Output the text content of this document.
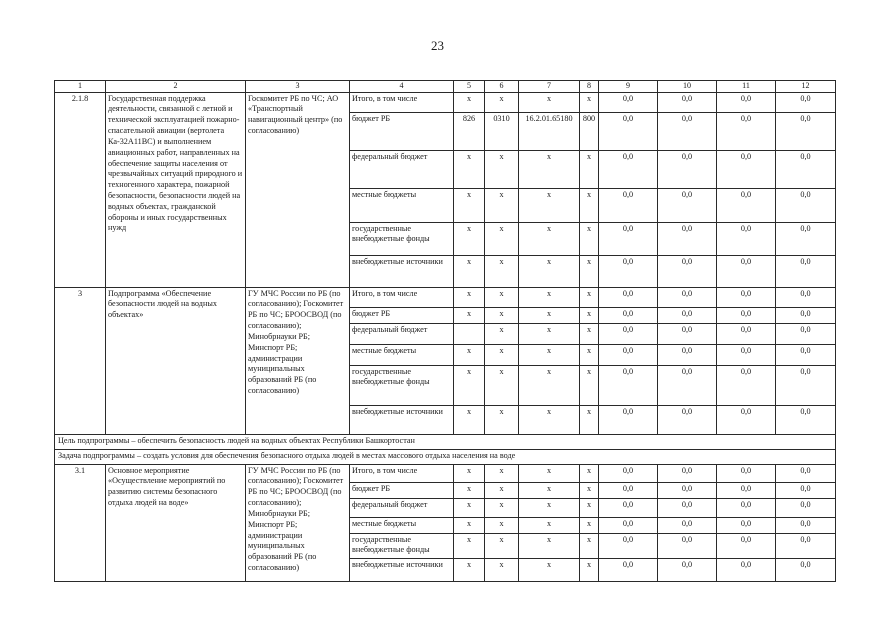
23
1	2	3	4	5	6	7	8	9	10	11	12
2.1.8	Государственная поддержка деятельности, связанной с летной и технической эксплуатацией пожарно-спасательной авиации (вертолета Ка-32А11ВС) и выполнением авиационных работ, направленных на обеспечение защиты населения от чрезвычайных ситуаций природного и техногенного характера, пожарной безопасности, безопасности людей на водных объектах, гражданской обороны и иных государственных нужд	Госкомитет РБ по ЧС; АО «Транспортный навигационный центр» (по согласованию)	Итого, в том числе	x	x	x	x	0,0	0,0	0,0	0,0
			бюджет РБ	826	0310	16.2.01.65180	800	0,0	0,0	0,0	0,0
			федеральный бюджет	x	x	x	x	0,0	0,0	0,0	0,0
			местные бюджеты	x	x	x	x	0,0	0,0	0,0	0,0
			государственные внебюджетные фонды	x	x	x	x	0,0	0,0	0,0	0,0
			внебюджетные источники	x	x	x	x	0,0	0,0	0,0	0,0
3	Подпрограмма «Обеспечение безопасности людей на водных объектах»	ГУ МЧС России по РБ (по согласованию); Госкомитет РБ по ЧС; БРООСВОД (по согласованию); Минобрнауки РБ; Минспорт РБ; администрации муниципальных образований РБ (по согласованию)	Итого, в том числе	x	x	x	x	0,0	0,0	0,0	0,0
			бюджет РБ	x	x	x	x	0,0	0,0	0,0	0,0
			федеральный бюджет		x	x	x	0,0	0,0	0,0	0,0
			местные бюджеты	x	x	x	x	0,0	0,0	0,0	0,0
			государственные внебюджетные фонды	x	x	x	x	0,0	0,0	0,0	0,0
			внебюджетные источники	x	x	x	x	0,0	0,0	0,0	0,0
Цель подпрограммы – обеспечить безопасность людей на водных объектах Республики Башкортостан											
Задача подпрограммы – создать условия для обеспечения безопасного отдыха людей в местах массового отдыха населения на воде											
3.1	Основное мероприятие «Осуществление мероприятий по развитию системы безопасного отдыха людей на воде»	ГУ МЧС России по РБ (по согласованию); Госкомитет РБ по ЧС; БРООСВОД (по согласованию); Минобрнауки РБ; Минспорт РБ; администрации муниципальных образований РБ (по согласованию)	Итого, в том числе	x	x	x	x	0,0	0,0	0,0	0,0
			бюджет РБ	x	x	x	x	0,0	0,0	0,0	0,0
			федеральный бюджет	x	x	x	x	0,0	0,0	0,0	0,0
			местные бюджеты	x	x	x	x	0,0	0,0	0,0	0,0
			государственные внебюджетные фонды	x	x	x	x	0,0	0,0	0,0	0,0
			внебюджетные источники	x	x	x	x	0,0	0,0	0,0	0,0
